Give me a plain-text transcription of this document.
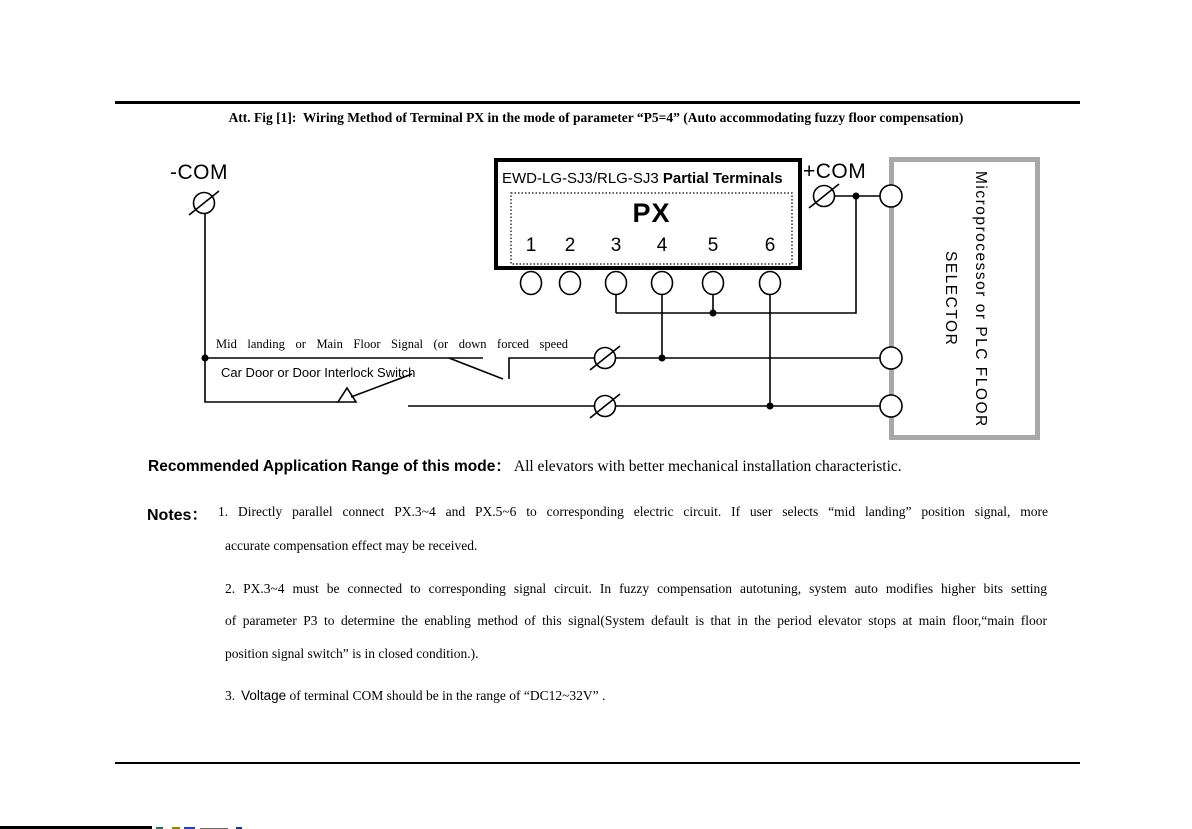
Att. Fig [1]:  Wiring Method of Terminal PX in the mode of parameter “P5=4” (Auto accommodating fuzzy floor compensation)
-COM	+COM
EWD-LG-SJ3/RLG-SJ3 Partial Terminals
PX
1	2	3	4	5	6	Microprocessor or PLC FLOOR
SELECTOR
Mid landing or Main Floor Signal (or down forced speed
Car Door or Door Interlock Switch
Recommended Application Range of this mode： All elevators with better mechanical installation characteristic.
Notes： 1. Directly parallel connect PX.3~4 and PX.5~6 to corresponding electric circuit. If user selects “mid landing” position signal, more
accurate compensation effect may be received.
2. PX.3~4 must be connected to corresponding signal circuit. In fuzzy compensation autotuning, system auto modifies higher bits setting
of parameter P3 to determine the enabling method of this signal(System default is that in the period elevator stops at main floor,“main floor
position signal switch” is in closed condition.).
3. Voltage of terminal COM should be in the range of “DC12~32V” .
